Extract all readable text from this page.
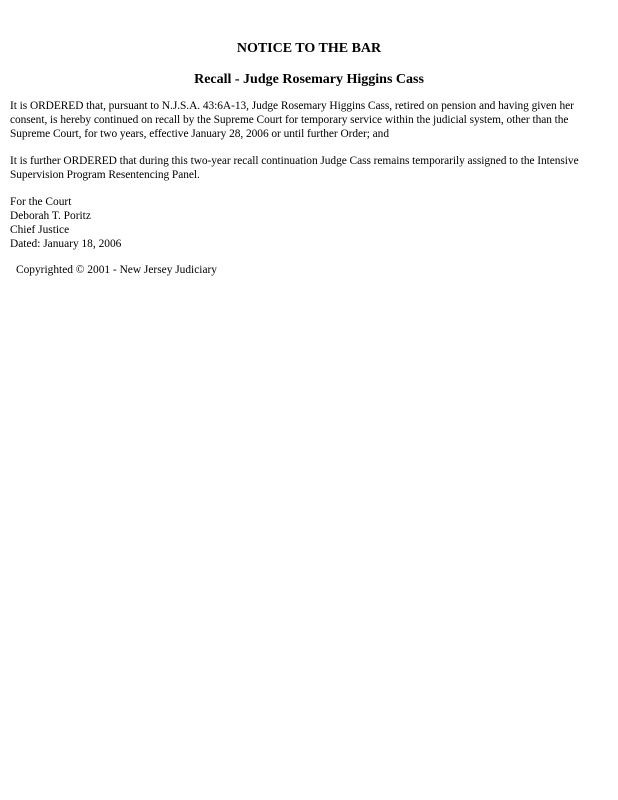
NOTICE TO THE BAR
Recall - Judge Rosemary Higgins Cass

It is ORDERED that, pursuant to N.J.S.A. 43:6A-13, Judge Rosemary Higgins Cass, retired on pension and having given her consent, is hereby continued on recall by the Supreme Court for temporary service within the judicial system, other than the Supreme Court, for two years, effective January 28, 2006 or until further Order; and

It is further ORDERED that during this two-year recall continuation Judge Cass remains temporarily assigned to the Intensive Supervision Program Resentencing Panel.

For the Court
Deborah T. Poritz
Chief Justice
Dated: January 18, 2006
Copyrighted © 2001 - New Jersey Judiciary
